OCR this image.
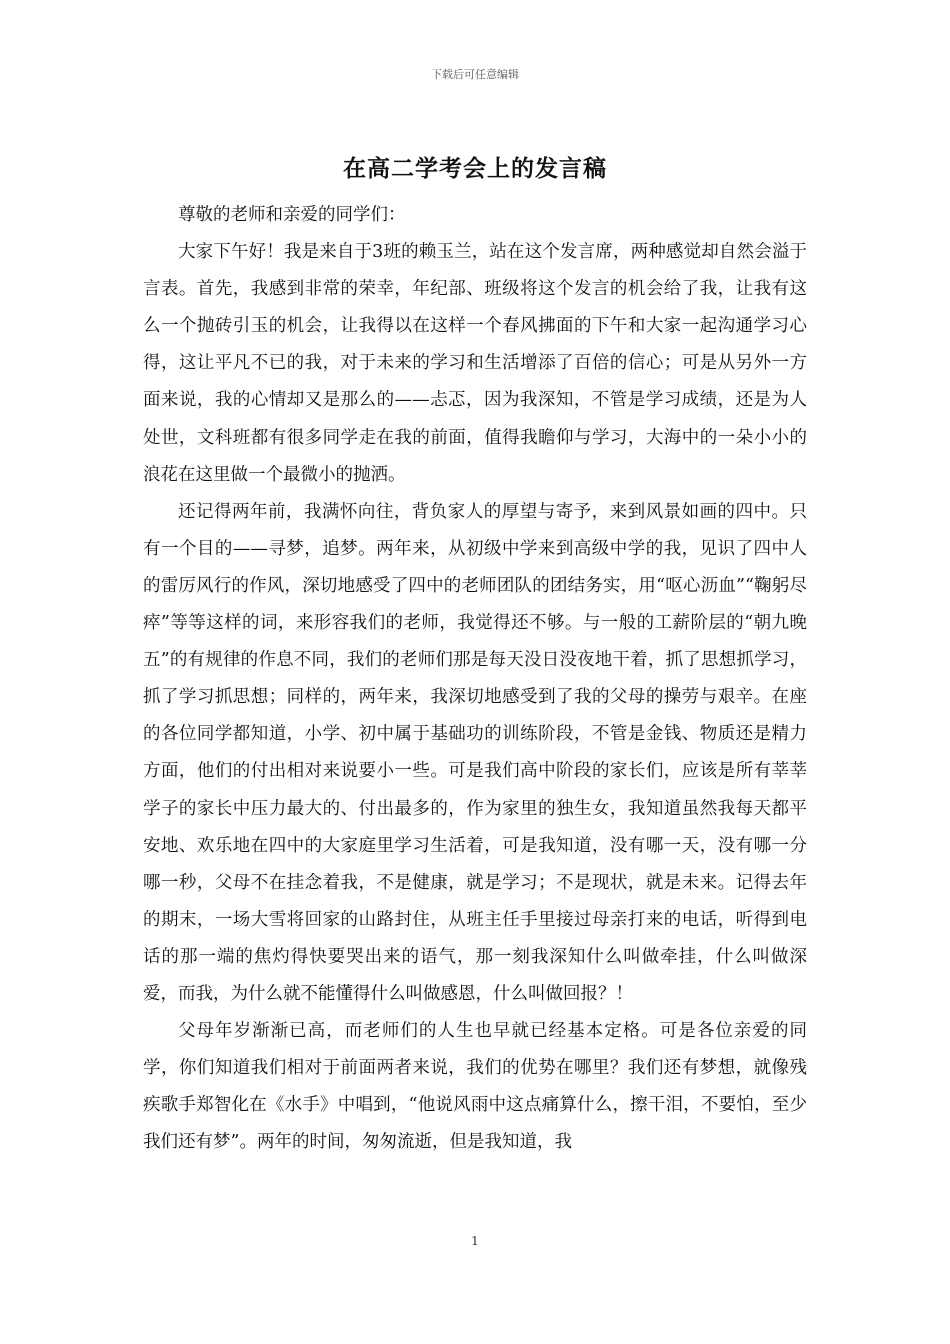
下载后可任意编辑
在高二学考会上的发言稿

尊敬的老师和亲爱的同学们：

大家下午好！我是来自于3班的赖玉兰，站在这个发言席，两种感觉却自然会溢于言表。首先，我感到非常的荣幸，年纪部、班级将这个发言的机会给了我，让我有这么一个抛砖引玉的机会，让我得以在这样一个春风拂面的下午和大家一起沟通学习心得，这让平凡不已的我，对于未来的学习和生活增添了百倍的信心；可是从另外一方面来说，我的心情却又是那么的——忐忑，因为我深知，不管是学习成绩，还是为人处世，文科班都有很多同学走在我的前面，值得我瞻仰与学习，大海中的一朵小小的浪花在这里做一个最微小的抛洒。

还记得两年前，我满怀向往，背负家人的厚望与寄予，来到风景如画的四中。只有一个目的——寻梦，追梦。两年来，从初级中学来到高级中学的我，见识了四中人的雷厉风行的作风，深切地感受了四中的老师团队的团结务实，用“呕心沥血”“鞠躬尽瘁”等等这样的词，来形容我们的老师，我觉得还不够。与一般的工薪阶层的“朝九晚五”的有规律的作息不同，我们的老师们那是每天没日没夜地干着，抓了思想抓学习，抓了学习抓思想；同样的，两年来，我深切地感受到了我的父母的操劳与艰辛。在座的各位同学都知道，小学、初中属于基础功的训练阶段，不管是金钱、物质还是精力方面，他们的付出相对来说要小一些。可是我们高中阶段的家长们，应该是所有莘莘学子的家长中压力最大的、付出最多的，作为家里的独生女，我知道虽然我每天都平安地、欢乐地在四中的大家庭里学习生活着，可是我知道，没有哪一天，没有哪一分哪一秒，父母不在挂念着我，不是健康，就是学习；不是现状，就是未来。记得去年的期末，一场大雪将回家的山路封住，从班主任手里接过母亲打来的电话，听得到电话的那一端的焦灼得快要哭出来的语气，那一刻我深知什么叫做牵挂，什么叫做深爱，而我，为什么就不能懂得什么叫做感恩，什么叫做回报？！

父母年岁渐渐已高，而老师们的人生也早就已经基本定格。可是各位亲爱的同学，你们知道我们相对于前面两者来说，我们的优势在哪里？我们还有梦想，就像残疾歌手郑智化在《水手》中唱到，“他说风雨中这点痛算什么，擦干泪，不要怕，至少我们还有梦”。两年的时间，匆匆流逝，但是我知道，我

1
